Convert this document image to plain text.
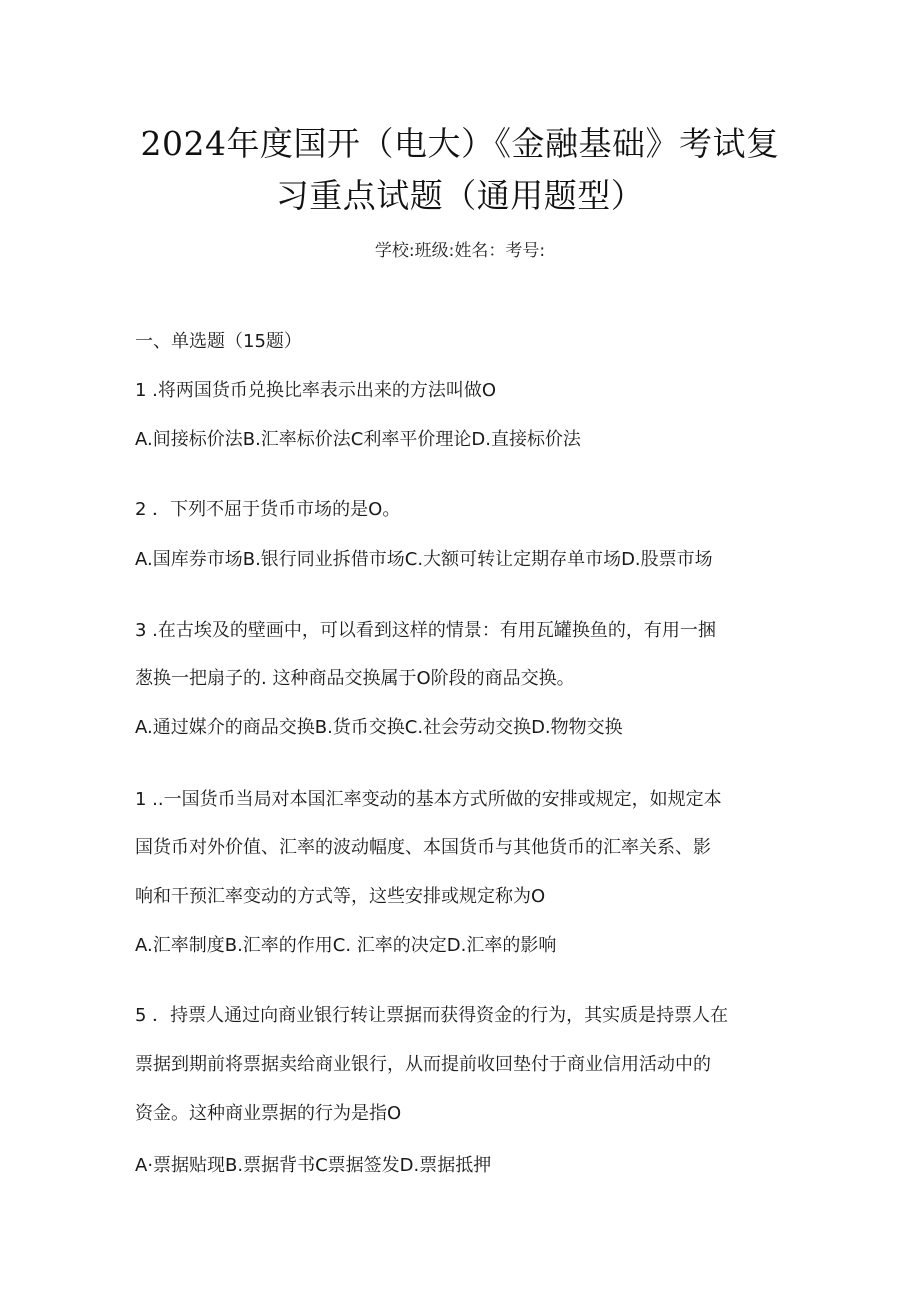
2024年度国开（电大）《金融基础》考试复
习重点试题（通用题型）
学校:班级:姓名：考号:
一、单选题（15题）
1 .将两国货币兑换比率表示出来的方法叫做O
A.间接标价法B.汇率标价法C利率平价理论D.直接标价法
2 ．下列不屈于货币市场的是O。
A.国库券市场B.银行同业拆借市场C.大额可转让定期存单市场D.股票市场
3 .在古埃及的壁画中，可以看到这样的情景：有用瓦罐换鱼的，有用一捆
葱换一把扇子的. 这种商品交换属于O阶段的商品交换。
A.通过媒介的商品交换B.货币交换C.社会劳动交换D.物物交换
1 ..一国货币当局对本国汇率变动的基本方式所做的安排或规定，如规定本
国货币对外价值、汇率的波动幅度、本国货币与其他货币的汇率关系、影
响和干预汇率变动的方式等，这些安排或规定称为O
A.汇率制度B.汇率的作用C. 汇率的决定D.汇率的影响
5 ．持票人通过向商业银行转让票据而获得资金的行为，其实质是持票人在
票据到期前将票据卖给商业银行，从而提前收回垫付于商业信用活动中的
资金。这种商业票据的行为是指O
A·票据贴现B.票据背书C票据签发D.票据抵押
